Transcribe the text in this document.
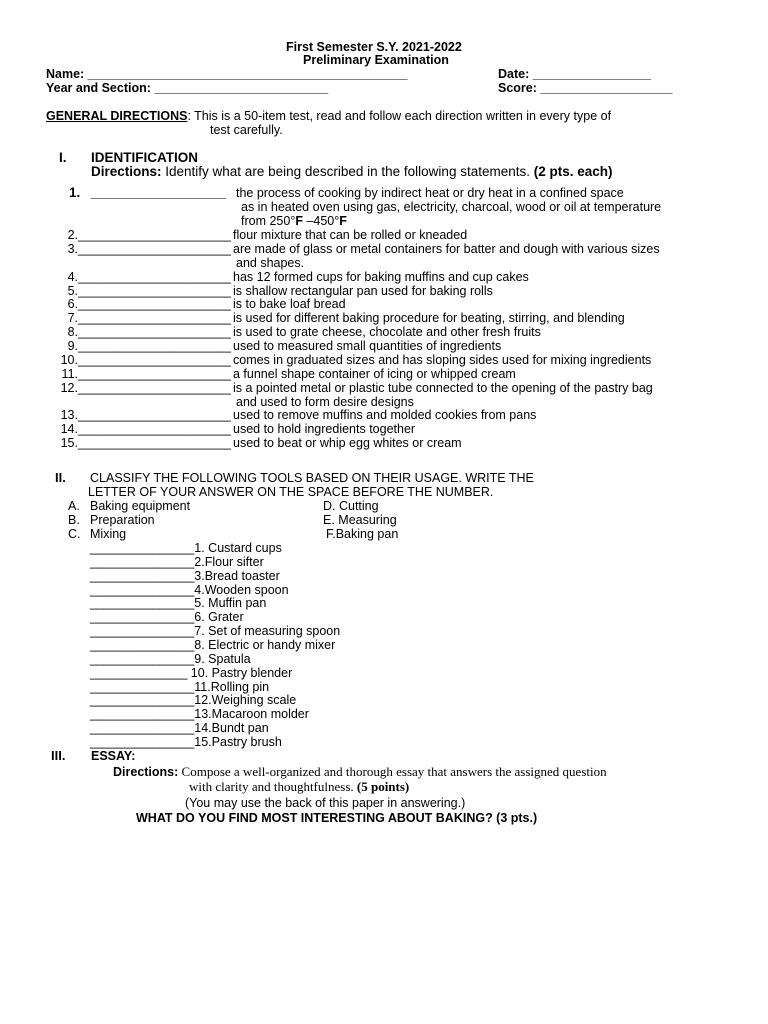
First Semester S.Y. 2021-2022
Preliminary Examination
Name: ______________________________________________	Date: _________________
Year and Section: _________________________	Score: ___________________
GENERAL DIRECTIONS: This is a 50-item test, read and follow each direction written in every type of
test carefully.
I. IDENTIFICATION
Directions: Identify what are being described in the following statements. (2 pts. each)
1. __________________ the process of cooking by indirect heat or dry heat in a confined space
as in heated oven using gas, electricity, charcoal, wood or oil at temperature
from 250°F –450°F
2. ______________________ flour mixture that can be rolled or kneaded
3. ______________________ are made of glass or metal containers for batter and dough with various sizes
and shapes.
4. ______________________ has 12 formed cups for baking muffins and cup cakes
5. ______________________ is shallow rectangular pan used for baking rolls
6. ______________________ is to bake loaf bread
7. ______________________ is used for different baking procedure for beating, stirring, and blending
8. ______________________ is used to grate cheese, chocolate and other fresh fruits
9. ______________________ used to measured small quantities of ingredients
10. ______________________ comes in graduated sizes and has sloping sides used for mixing ingredients
11. ______________________ a funnel shape container of icing or whipped cream
12. ______________________ is a pointed metal or plastic tube connected to the opening of the pastry bag
and used to form desire designs
13. ______________________ used to remove muffins and molded cookies from pans
14. ______________________ used to hold ingredients together
15. ______________________ used to beat or whip egg whites or cream
II. CLASSIFY THE FOLLOWING TOOLS BASED ON THEIR USAGE. WRITE THE
LETTER OF YOUR ANSWER ON THE SPACE BEFORE THE NUMBER.
A. Baking equipment
B. Preparation
C. Mixing
D. Cutting
E. Measuring
F.Baking pan
_______________1. Custard cups
_______________2.Flour sifter
_______________3.Bread toaster
_______________4.Wooden spoon
_______________5. Muffin pan
_______________6. Grater
_______________7. Set of measuring spoon
_______________8. Electric or handy mixer
_______________9. Spatula
______________ 10. Pastry blender
_______________11.Rolling pin
_______________12.Weighing scale
_______________13.Macaroon molder
_______________14.Bundt pan
_______________15.Pastry brush
III. ESSAY:
Directions: Compose a well-organized and thorough essay that answers the assigned question
with clarity and thoughtfulness. (5 points)
(You may use the back of this paper in answering.)
WHAT DO YOU FIND MOST INTERESTING ABOUT BAKING? (3 pts.)
